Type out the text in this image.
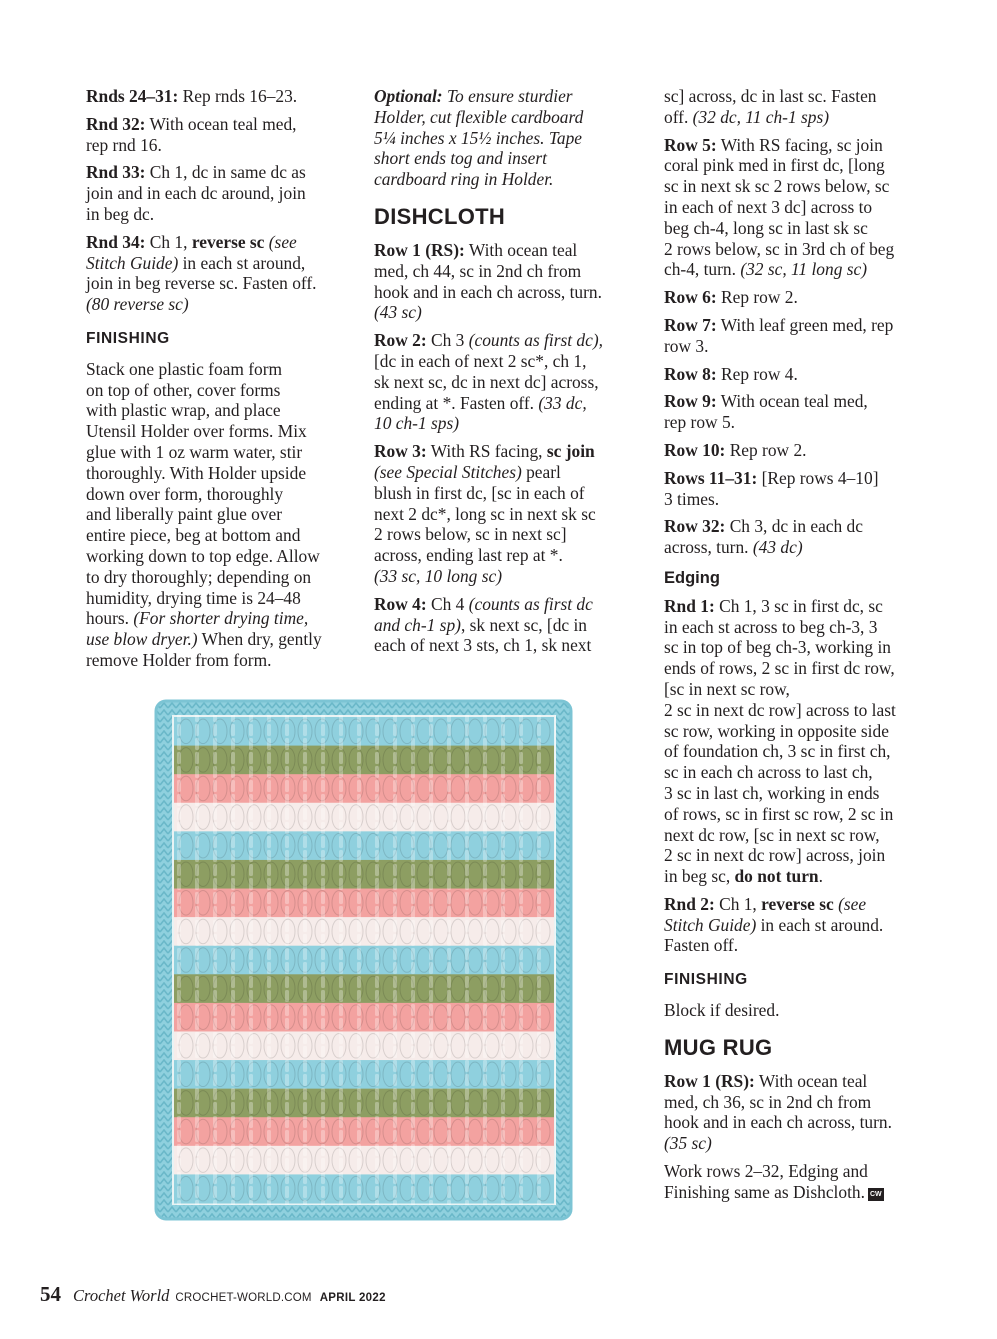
Rnds 24–31: Rep rnds 16–23.

Rnd 32: With ocean teal med,
rep rnd 16.

Rnd 33: Ch 1, dc in same dc as
join and in each dc around, join
in beg dc.

Rnd 34: Ch 1, reverse sc (see
Stitch Guide) in each st around,
join in beg reverse sc. Fasten off.
(80 reverse sc)

FINISHING

Stack one plastic foam form
on top of other, cover forms
with plastic wrap, and place
Utensil Holder over forms. Mix
glue with 1 oz warm water, stir
thoroughly. With Holder upside
down over form, thoroughly
and liberally paint glue over
entire piece, beg at bottom and
working down to top edge. Allow
to dry thoroughly; depending on
humidity, drying time is 24–48
hours. (For shorter drying time,
use blow dryer.) When dry, gently
remove Holder from form.

Optional: To ensure sturdier
Holder, cut flexible cardboard
5¼ inches x 15½ inches. Tape
short ends tog and insert
cardboard ring in Holder.

DISHCLOTH

Row 1 (RS): With ocean teal
med, ch 44, sc in 2nd ch from
hook and in each ch across, turn.
(43 sc)

Row 2: Ch 3 (counts as first dc),
[dc in each of next 2 sc*, ch 1,
sk next sc, dc in next dc] across,
ending at *. Fasten off. (33 dc,
10 ch-1 sps)

Row 3: With RS facing, sc join
(see Special Stitches) pearl
blush in first dc, [sc in each of
next 2 dc*, long sc in next sk sc
2 rows below, sc in next sc]
across, ending last rep at *.
(33 sc, 10 long sc)

Row 4: Ch 4 (counts as first dc
and ch-1 sp), sk next sc, [dc in
each of next 3 sts, ch 1, sk next

sc] across, dc in last sc. Fasten
off. (32 dc, 11 ch-1 sps)

Row 5: With RS facing, sc join
coral pink med in first dc, [long
sc in next sk sc 2 rows below, sc
in each of next 3 dc] across to
beg ch-4, long sc in last sk sc
2 rows below, sc in 3rd ch of beg
ch-4, turn. (32 sc, 11 long sc)

Row 6: Rep row 2.

Row 7: With leaf green med, rep
row 3.

Row 8: Rep row 4.

Row 9: With ocean teal med,
rep row 5.

Row 10: Rep row 2.

Rows 11–31: [Rep rows 4–10]
3 times.

Row 32: Ch 3, dc in each dc
across, turn. (43 dc)

Edging

Rnd 1: Ch 1, 3 sc in first dc, sc
in each st across to beg ch-3, 3
sc in top of beg ch-3, working in
ends of rows, 2 sc in first dc row,
[sc in next sc row,
2 sc in next dc row] across to last
sc row, working in opposite side
of foundation ch, 3 sc in first ch,
sc in each ch across to last ch,
3 sc in last ch, working in ends
of rows, sc in first sc row, 2 sc in
next dc row, [sc in next sc row,
2 sc in next dc row] across, join
in beg sc, do not turn.

Rnd 2: Ch 1, reverse sc (see
Stitch Guide) in each st around.
Fasten off.

FINISHING

Block if desired.

MUG RUG

Row 1 (RS): With ocean teal
med, ch 36, sc in 2nd ch from
hook and in each ch across, turn.
(35 sc)

Work rows 2–32, Edging and
Finishing same as Dishcloth. CW

54 Crochet World CROCHET-WORLD.COM APRIL 2022
